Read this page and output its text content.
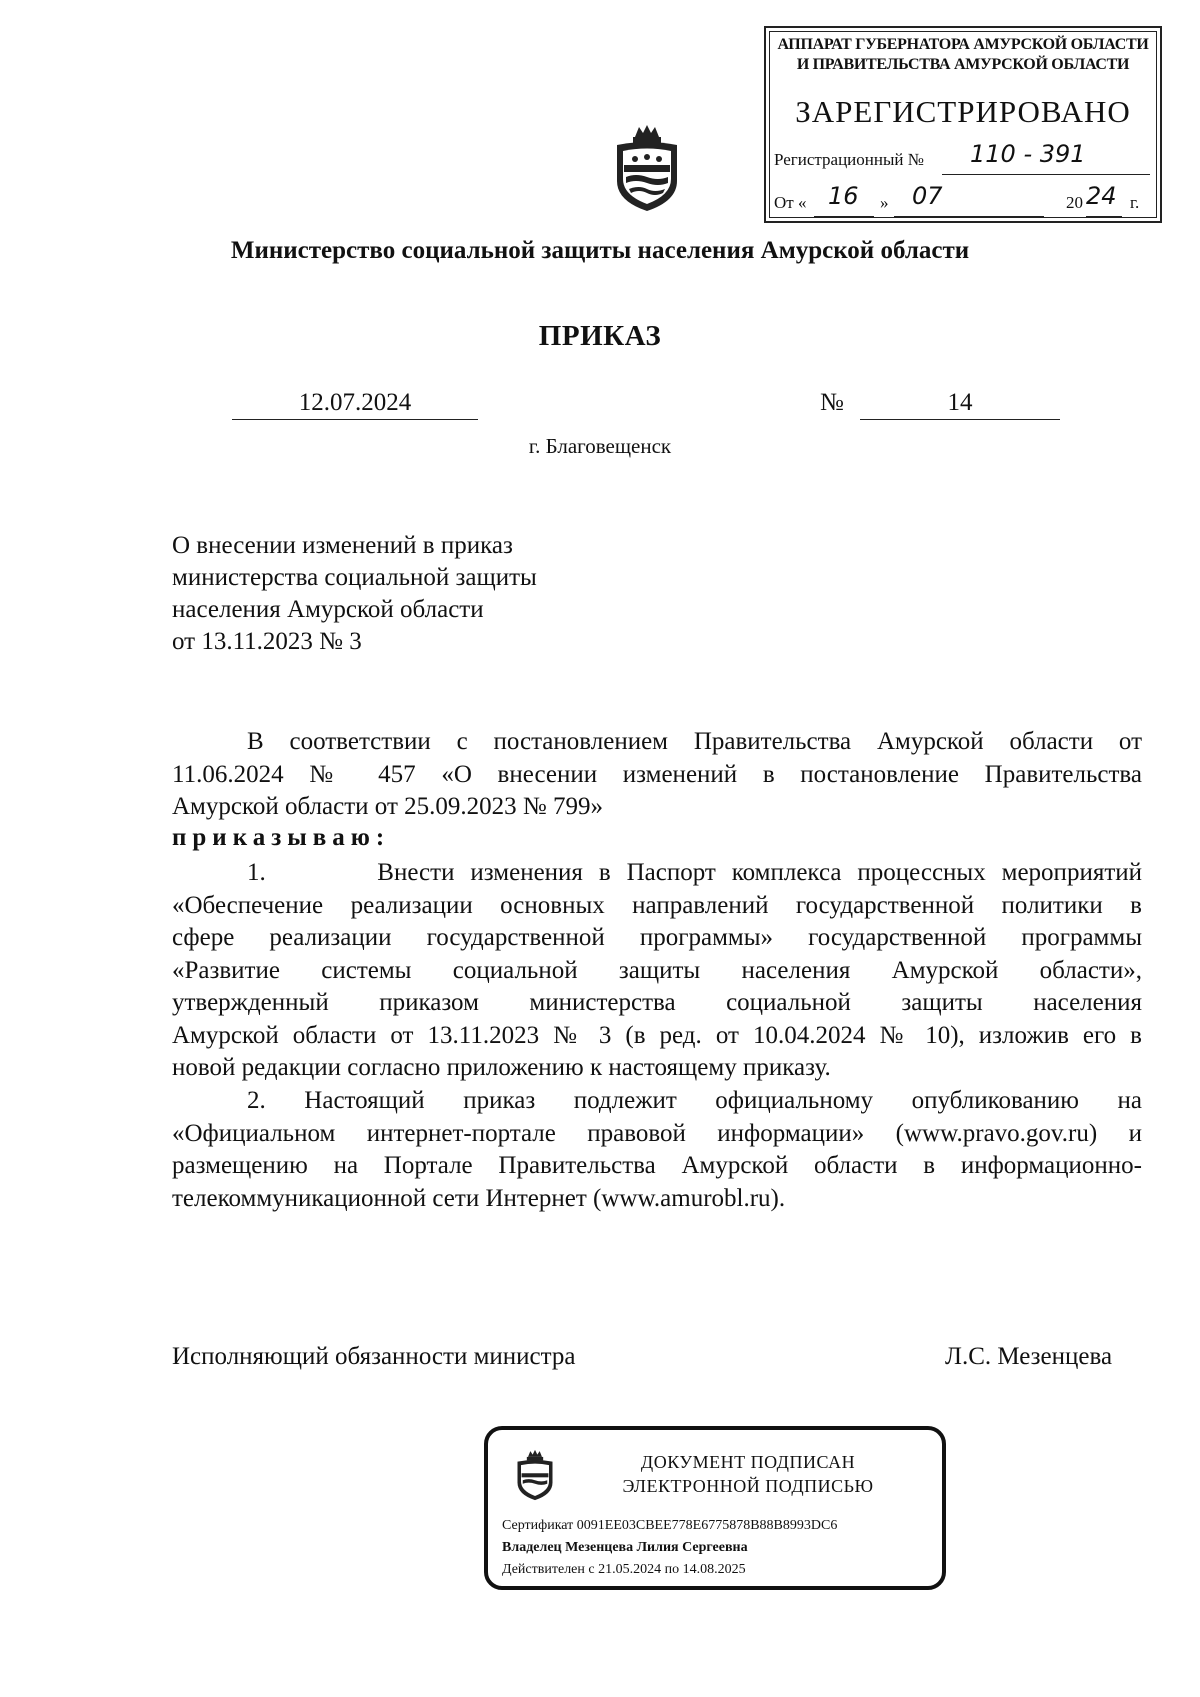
АППАРАТ ГУБЕРНАТОРА АМУРСКОЙ ОБЛАСТИ
И ПРАВИТЕЛЬСТВА АМУРСКОЙ ОБЛАСТИ
ЗАРЕГИСТРИРОВАНО
Регистрационный № 110 - 391
От « 16 » 07	20 24 г.
Министерство социальной защиты населения Амурской области
ПРИКАЗ
12.07.2024	№	14
г. Благовещенск
О внесении изменений в приказ
министерства социальной защиты
населения Амурской области
от 13.11.2023 № 3
В соответствии с постановлением Правительства Амурской области от
11.06.2024 № 457 «О внесении изменений в постановление Правительства
Амурской области от 25.09.2023 № 799»
приказываю:
1.       Внести изменения в Паспорт комплекса процессных мероприятий
«Обеспечение реализации основных направлений государственной политики в
сфере реализации государственной программы» государственной программы
«Развитие системы социальной защиты населения Амурской области»,
утвержденный приказом министерства социальной защиты населения
Амурской области от 13.11.2023 № 3 (в ред. от 10.04.2024 № 10), изложив его в
новой редакции согласно приложению к настоящему приказу.
2. Настоящий приказ подлежит официальному опубликованию на
«Официальном интернет-портале правовой информации» (www.pravo.gov.ru) и
размещению на Портале Правительства Амурской области в информационно-
телекоммуникационной сети Интернет (www.amurobl.ru).
Исполняющий обязанности министра	Л.С. Мезенцева
ДОКУМЕНТ ПОДПИСАН
ЭЛЕКТРОННОЙ ПОДПИСЬЮ
Сертификат 0091EE03CBEE778E6775878B88B8993DC6
Владелец Мезенцева Лилия Сергеевна
Действителен с 21.05.2024 по 14.08.2025
